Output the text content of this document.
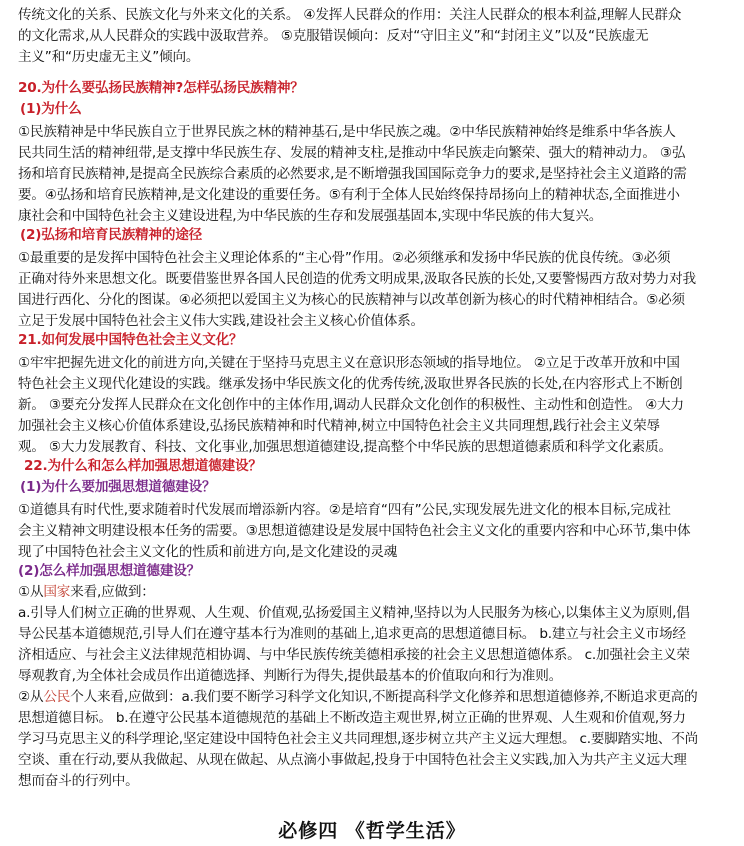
传统文化的关系、民族文化与外来文化的关系。 ④发挥人民群众的作用：关注人民群众的根本利益,理解人民群众
的文化需求,从人民群众的实践中汲取营养。 ⑤克服错误倾向：反对“守旧主义”和“封闭主义”以及“民族虚无
主义”和“历史虚无主义”倾向。
20.为什么要弘扬民族精神?怎样弘扬民族精神？
(1)为什么
①民族精神是中华民族自立于世界民族之林的精神基石,是中华民族之魂。②中华民族精神始终是维系中华各族人
民共同生活的精神纽带,是支撑中华民族生存、发展的精神支柱,是推动中华民族走向繁荣、强大的精神动力。 ③弘
扬和培育民族精神,是提高全民族综合素质的必然要求,是不断增强我国国际竞争力的要求,是坚持社会主义道路的需
要。④弘扬和培育民族精神,是文化建设的重要任务。⑤有利于全体人民始终保持昂扬向上的精神状态,全面推进小
康社会和中国特色社会主义建设进程,为中华民族的生存和发展强基固本,实现中华民族的伟大复兴。
(2)弘扬和培育民族精神的途径
①最重要的是发挥中国特色社会主义理论体系的“主心骨”作用。②必须继承和发扬中华民族的优良传统。③必须
正确对待外来思想文化。既要借鉴世界各国人民创造的优秀文明成果,汲取各民族的长处,又要警惕西方敌对势力对我
国进行西化、分化的图谋。④必须把以爱国主义为核心的民族精神与以改革创新为核心的时代精神相结合。⑤必须
立足于发展中国特色社会主义伟大实践,建设社会主义核心价值体系。
21.如何发展中国特色社会主义文化？
①牢牢把握先进文化的前进方向,关键在于坚持马克思主义在意识形态领域的指导地位。 ②立足于改革开放和中国
特色社会主义现代化建设的实践。继承发扬中华民族文化的优秀传统,汲取世界各民族的长处,在内容形式上不断创
新。 ③要充分发挥人民群众在文化创作中的主体作用,调动人民群众文化创作的积极性、主动性和创造性。 ④大力
加强社会主义核心价值体系建设,弘扬民族精神和时代精神,树立中国特色社会主义共同理想,践行社会主义荣辱
观。 ⑤大力发展教育、科技、文化事业,加强思想道德建设,提高整个中华民族的思想道德素质和科学文化素质。
22.为什么和怎么样加强思想道德建设？
(1)为什么要加强思想道德建设？
①道德具有时代性,要求随着时代发展而增添新内容。②是培育“四有”公民,实现发展先进文化的根本目标,完成社
会主义精神文明建设根本任务的需要。③思想道德建设是发展中国特色社会主义文化的重要内容和中心环节,集中体
现了中国特色社会主义文化的性质和前进方向,是文化建设的灵魂
(2)怎么样加强思想道德建设？
①从国家来看,应做到：
a.引导人们树立正确的世界观、人生观、价值观,弘扬爱国主义精神,坚持以为人民服务为核心,以集体主义为原则,倡
导公民基本道德规范,引导人们在遵守基本行为准则的基础上,追求更高的思想道德目标。 b.建立与社会主义市场经
济相适应、与社会主义法律规范相协调、与中华民族传统美德相承接的社会主义思想道德体系。 c.加强社会主义荣
辱观教育,为全体社会成员作出道德选择、判断行为得失,提供最基本的价值取向和行为准则。
②从公民个人来看,应做到：a.我们要不断学习科学文化知识,不断提高科学文化修养和思想道德修养,不断追求更高的
思想道德目标。 b.在遵守公民基本道德规范的基础上不断改造主观世界,树立正确的世界观、人生观和价值观,努力
学习马克思主义的科学理论,坚定建设中国特色社会主义共同理想,逐步树立共产主义远大理想。 c.要脚踏实地、不尚
空谈、重在行动,要从我做起、从现在做起、从点滴小事做起,投身于中国特色社会主义实践,加入为共产主义远大理
想而奋斗的行列中。
必修四 《哲学生活》
